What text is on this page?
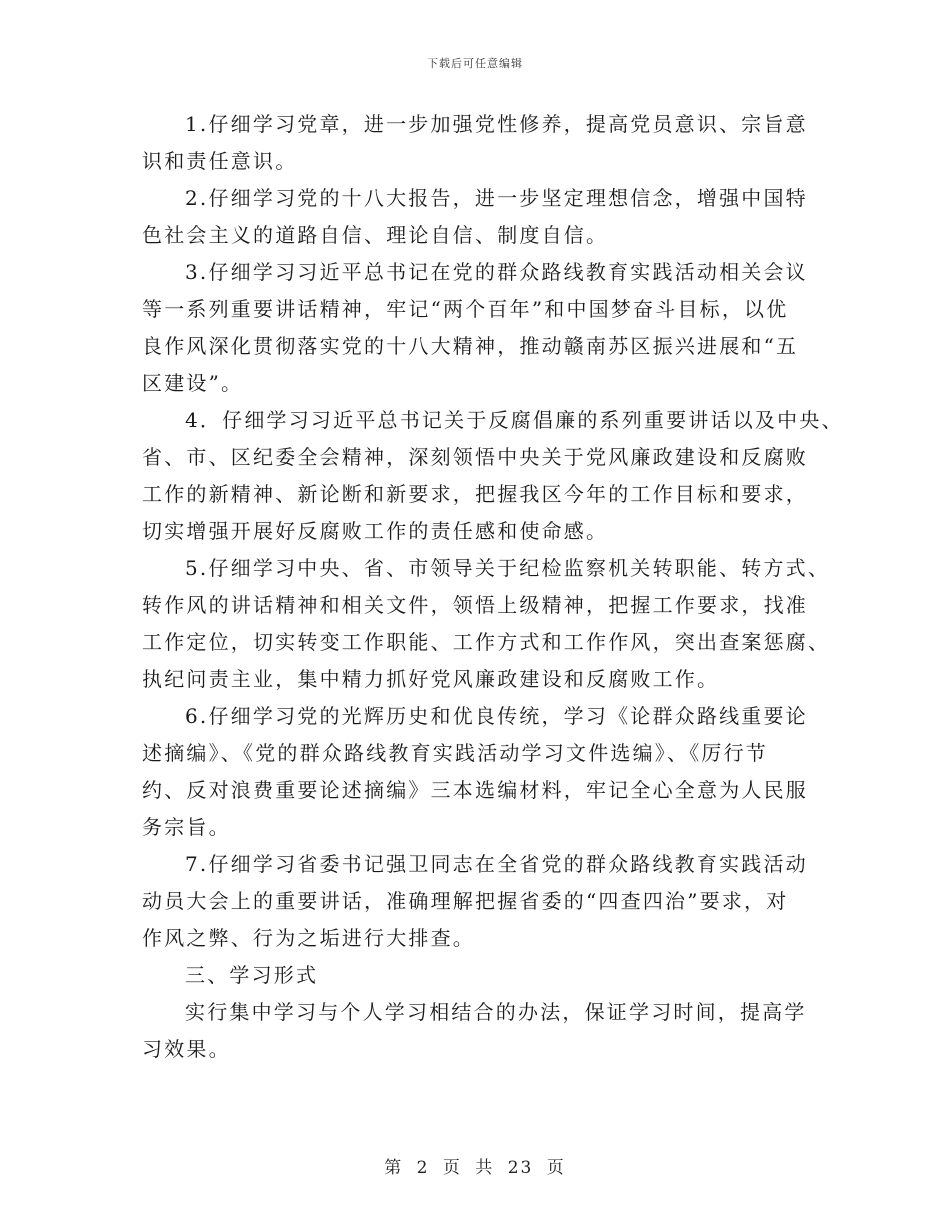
下载后可任意编辑
1.仔细学习党章，进一步加强党性修养，提高党员意识、宗旨意
识和责任意识。
2.仔细学习党的十八大报告，进一步坚定理想信念，增强中国特
色社会主义的道路自信、理论自信、制度自信。
3.仔细学习习近平总书记在党的群众路线教育实践活动相关会议
等一系列重要讲话精神，牢记“两个百年”和中国梦奋斗目标，以优
良作风深化贯彻落实党的十八大精神，推动赣南苏区振兴进展和“五
区建设”。
4．仔细学习习近平总书记关于反腐倡廉的系列重要讲话以及中央、
省、市、区纪委全会精神，深刻领悟中央关于党风廉政建设和反腐败
工作的新精神、新论断和新要求，把握我区今年的工作目标和要求，
切实增强开展好反腐败工作的责任感和使命感。
5.仔细学习中央、省、市领导关于纪检监察机关转职能、转方式、
转作风的讲话精神和相关文件，领悟上级精神，把握工作要求，找准
工作定位，切实转变工作职能、工作方式和工作作风，突出查案惩腐、
执纪问责主业，集中精力抓好党风廉政建设和反腐败工作。
6.仔细学习党的光辉历史和优良传统，学习《论群众路线重要论
述摘编》、《党的群众路线教育实践活动学习文件选编》、《厉行节
约、反对浪费重要论述摘编》三本选编材料，牢记全心全意为人民服
务宗旨。
7.仔细学习省委书记强卫同志在全省党的群众路线教育实践活动
动员大会上的重要讲话，准确理解把握省委的“四查四治”要求，对
作风之弊、行为之垢进行大排查。
三、学习形式
实行集中学习与个人学习相结合的办法，保证学习时间，提高学
习效果。
第 2 页 共 23 页
